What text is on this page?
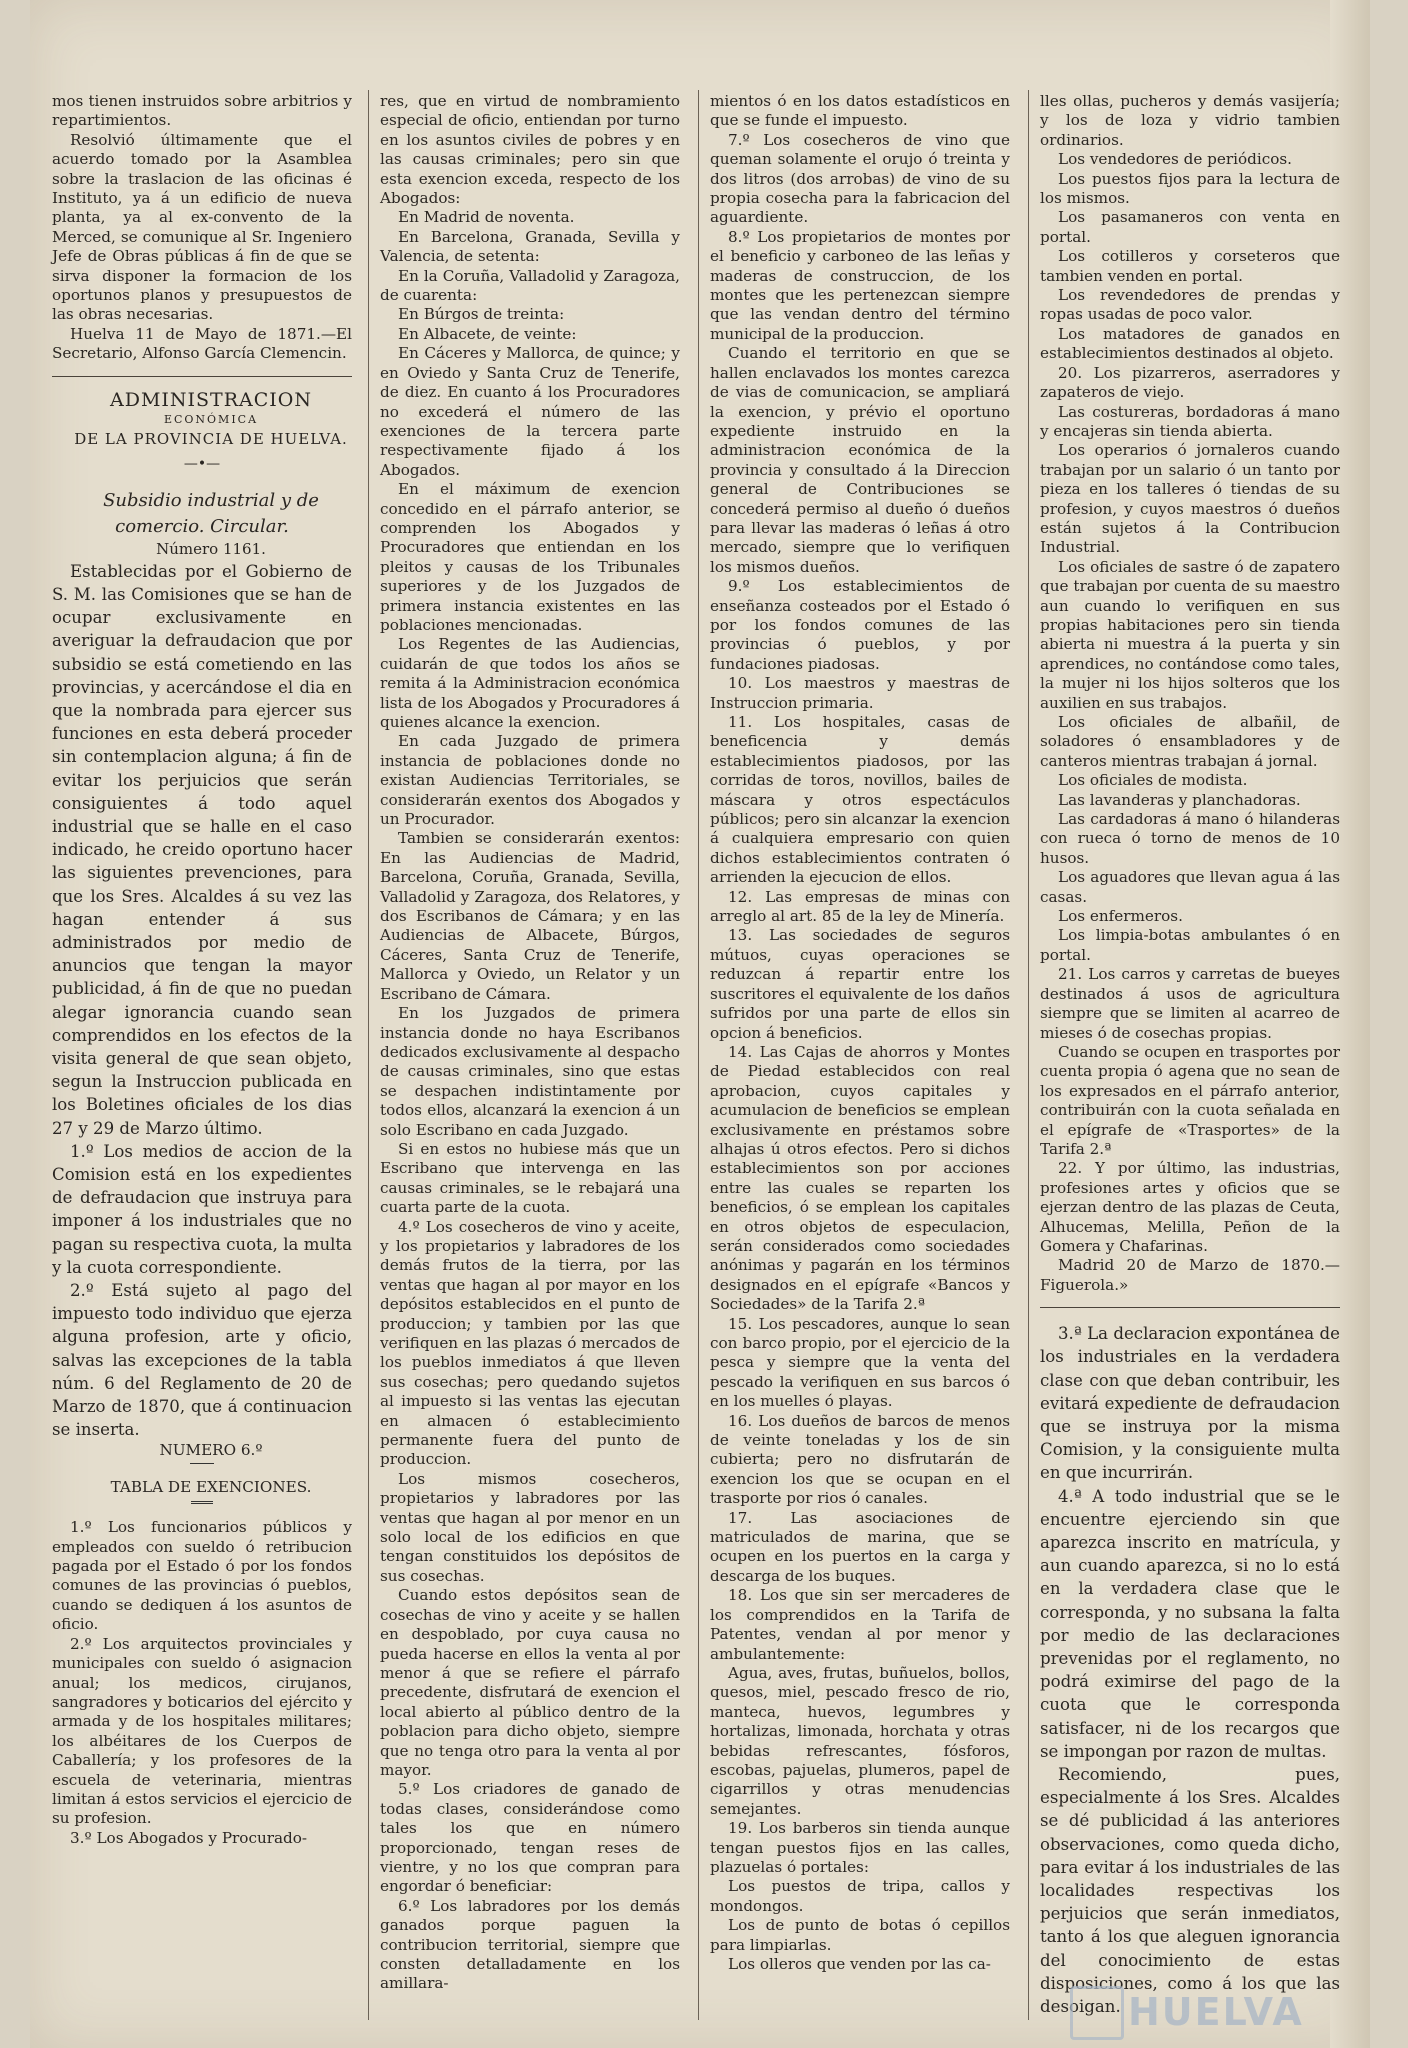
mos tienen instruidos sobre arbitrios y repartimientos.

Resolvió últimamente que el acuerdo tomado por la Asamblea sobre la traslacion de las oficinas é Instituto, ya á un edificio de nueva planta, ya al ex-convento de la Merced, se comunique al Sr. Ingeniero Jefe de Obras públicas á fin de que se sirva disponer la formacion de los oportunos planos y presupuestos de las obras necesarias.

Huelva 11 de Mayo de 1871.—El Secretario, Alfonso García Clemencin.

ADMINISTRACION

ECONÓMICA

DE LA PROVINCIA DE HUELVA.

—•—

Subsidio industrial y de comercio. Circular.

Número 1161.

Establecidas por el Gobierno de S. M. las Comisiones que se han de ocupar exclusivamente en averiguar la defraudacion que por subsidio se está cometiendo en las provincias, y acercándose el dia en que la nombrada para ejercer sus funciones en esta deberá proceder sin contemplacion alguna; á fin de evitar los perjuicios que serán consiguientes á todo aquel industrial que se halle en el caso indicado, he creido oportuno hacer las siguientes prevenciones, para que los Sres. Alcaldes á su vez las hagan entender á sus administrados por medio de anuncios que tengan la mayor publicidad, á fin de que no puedan alegar ignorancia cuando sean comprendidos en los efectos de la visita general de que sean objeto, segun la Instruccion publicada en los Boletines oficiales de los dias 27 y 29 de Marzo último.

1.º Los medios de accion de la Comision está en los expedientes de defraudacion que instruya para imponer á los industriales que no pagan su respectiva cuota, la multa y la cuota correspondiente.

2.º Está sujeto al pago del impuesto todo individuo que ejerza alguna profesion, arte y oficio, salvas las excepciones de la tabla núm. 6 del Reglamento de 20 de Marzo de 1870, que á continuacion se inserta.

NUMERO 6.º

TABLA DE EXENCIONES.

1.º Los funcionarios públicos y empleados con sueldo ó retribucion pagada por el Estado ó por los fondos comunes de las provincias ó pueblos, cuando se dediquen á los asuntos de oficio.

2.º Los arquitectos provinciales y municipales con sueldo ó asignacion anual; los medicos, cirujanos, sangradores y boticarios del ejército y armada y de los hospitales militares; los albéitares de los Cuerpos de Caballería; y los profesores de la escuela de veterinaria, mientras limitan á estos servicios el ejercicio de su profesion.

3.º Los Abogados y Procurado-

res, que en virtud de nombramiento especial de oficio, entiendan por turno en los asuntos civiles de pobres y en las causas criminales; pero sin que esta exencion exceda, respecto de los Abogados:

En Madrid de noventa.

En Barcelona, Granada, Sevilla y Valencia, de setenta:

En la Coruña, Valladolid y Zaragoza, de cuarenta:

En Búrgos de treinta:

En Albacete, de veinte:

En Cáceres y Mallorca, de quince; y en Oviedo y Santa Cruz de Tenerife, de diez. En cuanto á los Procuradores no excederá el número de las exenciones de la tercera parte respectivamente fijado á los Abogados.

En el máximum de exencion concedido en el párrafo anterior, se comprenden los Abogados y Procuradores que entiendan en los pleitos y causas de los Tribunales superiores y de los Juzgados de primera instancia existentes en las poblaciones mencionadas.

Los Regentes de las Audiencias, cuidarán de que todos los años se remita á la Administracion económica lista de los Abogados y Procuradores á quienes alcance la exencion.

En cada Juzgado de primera instancia de poblaciones donde no existan Audiencias Territoriales, se considerarán exentos dos Abogados y un Procurador.

Tambien se considerarán exentos: En las Audiencias de Madrid, Barcelona, Coruña, Granada, Sevilla, Valladolid y Zaragoza, dos Relatores, y dos Escribanos de Cámara; y en las Audiencias de Albacete, Búrgos, Cáceres, Santa Cruz de Tenerife, Mallorca y Oviedo, un Relator y un Escribano de Cámara.

En los Juzgados de primera instancia donde no haya Escribanos dedicados exclusivamente al despacho de causas criminales, sino que estas se despachen indistintamente por todos ellos, alcanzará la exencion á un solo Escribano en cada Juzgado.

Si en estos no hubiese más que un Escribano que intervenga en las causas criminales, se le rebajará una cuarta parte de la cuota.

4.º Los cosecheros de vino y aceite, y los propietarios y labradores de los demás frutos de la tierra, por las ventas que hagan al por mayor en los depósitos establecidos en el punto de produccion; y tambien por las que verifiquen en las plazas ó mercados de los pueblos inmediatos á que lleven sus cosechas; pero quedando sujetos al impuesto si las ventas las ejecutan en almacen ó establecimiento permanente fuera del punto de produccion.

Los mismos cosecheros, propietarios y labradores por las ventas que hagan al por menor en un solo local de los edificios en que tengan constituidos los depósitos de sus cosechas.

Cuando estos depósitos sean de cosechas de vino y aceite y se hallen en despoblado, por cuya causa no pueda hacerse en ellos la venta al por menor á que se refiere el párrafo precedente, disfrutará de exencion el local abierto al público dentro de la poblacion para dicho objeto, siempre que no tenga otro para la venta al por mayor.

5.º Los criadores de ganado de todas clases, considerándose como tales los que en número proporcionado, tengan reses de vientre, y no los que compran para engordar ó beneficiar:

6.º Los labradores por los demás ganados porque paguen la contribucion territorial, siempre que consten detalladamente en los amillara-

mientos ó en los datos estadísticos en que se funde el impuesto.

7.º Los cosecheros de vino que queman solamente el orujo ó treinta y dos litros (dos arrobas) de vino de su propia cosecha para la fabricacion del aguardiente.

8.º Los propietarios de montes por el beneficio y carboneo de las leñas y maderas de construccion, de los montes que les pertenezcan siempre que las vendan dentro del término municipal de la produccion.

Cuando el territorio en que se hallen enclavados los montes carezca de vias de comunicacion, se ampliará la exencion, y prévio el oportuno expediente instruido en la administracion económica de la provincia y consultado á la Direccion general de Contribuciones se concederá permiso al dueño ó dueños para llevar las maderas ó leñas á otro mercado, siempre que lo verifiquen los mismos dueños.

9.º Los establecimientos de enseñanza costeados por el Estado ó por los fondos comunes de las provincias ó pueblos, y por fundaciones piadosas.

10. Los maestros y maestras de Instruccion primaria.

11. Los hospitales, casas de beneficencia y demás establecimientos piadosos, por las corridas de toros, novillos, bailes de máscara y otros espectáculos públicos; pero sin alcanzar la exencion á cualquiera empresario con quien dichos establecimientos contraten ó arrienden la ejecucion de ellos.

12. Las empresas de minas con arreglo al art. 85 de la ley de Minería.

13. Las sociedades de seguros mútuos, cuyas operaciones se reduzcan á repartir entre los suscritores el equivalente de los daños sufridos por una parte de ellos sin opcion á beneficios.

14. Las Cajas de ahorros y Montes de Piedad establecidos con real aprobacion, cuyos capitales y acumulacion de beneficios se emplean exclusivamente en préstamos sobre alhajas ú otros efectos. Pero si dichos establecimientos son por acciones entre las cuales se reparten los beneficios, ó se emplean los capitales en otros objetos de especulacion, serán considerados como sociedades anónimas y pagarán en los términos designados en el epígrafe «Bancos y Sociedades» de la Tarifa 2.ª

15. Los pescadores, aunque lo sean con barco propio, por el ejercicio de la pesca y siempre que la venta del pescado la verifiquen en sus barcos ó en los muelles ó playas.

16. Los dueños de barcos de menos de veinte toneladas y los de sin cubierta; pero no disfrutarán de exencion los que se ocupan en el trasporte por rios ó canales.

17. Las asociaciones de matriculados de marina, que se ocupen en los puertos en la carga y descarga de los buques.

18. Los que sin ser mercaderes de los comprendidos en la Tarifa de Patentes, vendan al por menor y ambulantemente:

Agua, aves, frutas, buñuelos, bollos, quesos, miel, pescado fresco de rio, manteca, huevos, legumbres y hortalizas, limonada, horchata y otras bebidas refrescantes, fósforos, escobas, pajuelas, plumeros, papel de cigarrillos y otras menudencias semejantes.

19. Los barberos sin tienda aunque tengan puestos fijos en las calles, plazuelas ó portales:

Los puestos de tripa, callos y mondongos.

Los de punto de botas ó cepillos para limpiarlas.

Los olleros que venden por las ca-

lles ollas, pucheros y demás vasijería; y los de loza y vidrio tambien ordinarios.

Los vendedores de periódicos.

Los puestos fijos para la lectura de los mismos.

Los pasamaneros con venta en portal.

Los cotilleros y corseteros que tambien venden en portal.

Los revendedores de prendas y ropas usadas de poco valor.

Los matadores de ganados en establecimientos destinados al objeto.

20. Los pizarreros, aserradores y zapateros de viejo.

Las costureras, bordadoras á mano y encajeras sin tienda abierta.

Los operarios ó jornaleros cuando trabajan por un salario ó un tanto por pieza en los talleres ó tiendas de su profesion, y cuyos maestros ó dueños están sujetos á la Contribucion Industrial.

Los oficiales de sastre ó de zapatero que trabajan por cuenta de su maestro aun cuando lo verifiquen en sus propias habitaciones pero sin tienda abierta ni muestra á la puerta y sin aprendices, no contándose como tales, la mujer ni los hijos solteros que los auxilien en sus trabajos.

Los oficiales de albañil, de soladores ó ensambladores y de canteros mientras trabajan á jornal.

Los oficiales de modista.

Las lavanderas y planchadoras.

Las cardadoras á mano ó hilanderas con rueca ó torno de menos de 10 husos.

Los aguadores que llevan agua á las casas.

Los enfermeros.

Los limpia-botas ambulantes ó en portal.

21. Los carros y carretas de bueyes destinados á usos de agricultura siempre que se limiten al acarreo de mieses ó de cosechas propias.

Cuando se ocupen en trasportes por cuenta propia ó agena que no sean de los expresados en el párrafo anterior, contribuirán con la cuota señalada en el epígrafe de «Trasportes» de la Tarifa 2.ª

22. Y por último, las industrias, profesiones artes y oficios que se ejerzan dentro de las plazas de Ceuta, Alhucemas, Melilla, Peñon de la Gomera y Chafarinas.

Madrid 20 de Marzo de 1870.—Figuerola.»

3.ª La declaracion expontánea de los industriales en la verdadera clase con que deban contribuir, les evitará expediente de defraudacion que se instruya por la misma Comision, y la consiguiente multa en que incurrirán.

4.ª A todo industrial que se le encuentre ejerciendo sin que aparezca inscrito en matrícula, y aun cuando aparezca, si no lo está en la verdadera clase que le corresponda, y no subsana la falta por medio de las declaraciones prevenidas por el reglamento, no podrá eximirse del pago de la cuota que le corresponda satisfacer, ni de los recargos que se impongan por razon de multas.

Recomiendo, pues, especialmente á los Sres. Alcaldes se dé publicidad á las anteriores observaciones, como queda dicho, para evitar á los industriales de las localidades respectivas los perjuicios que serán inmediatos, tanto á los que aleguen ignorancia del conocimiento de estas disposiciones, como á los que las desoigan. HUELVA
